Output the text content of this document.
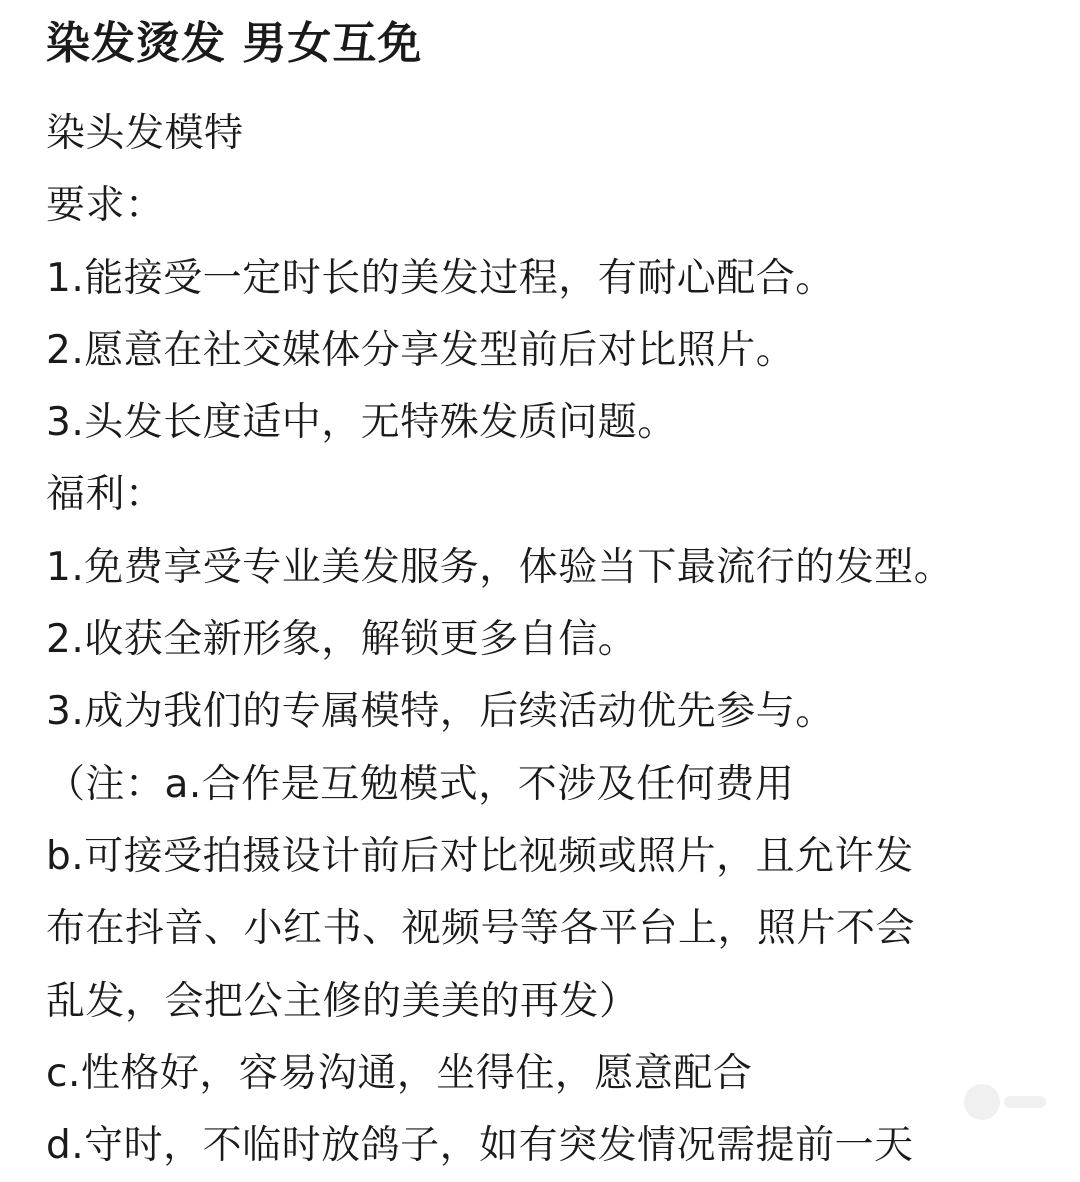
染发烫发 男女互免
染头发模特
要求：
1.能接受一定时长的美发过程，有耐心配合。
2.愿意在社交媒体分享发型前后对比照片。
3.头发长度适中，无特殊发质问题。
福利：
1.免费享受专业美发服务，体验当下最流行的发型。
2.收获全新形象，解锁更多自信。
3.成为我们的专属模特，后续活动优先参与。
（注：a.合作是互勉模式，不涉及任何费用
b.可接受拍摄设计前后对比视频或照片，且允许发
布在抖音、小红书、视频号等各平台上，照片不会
乱发，会把公主修的美美的再发）
c.性格好，容易沟通，坐得住，愿意配合
d.守时，不临时放鸽子，如有突发情况需提前一天
